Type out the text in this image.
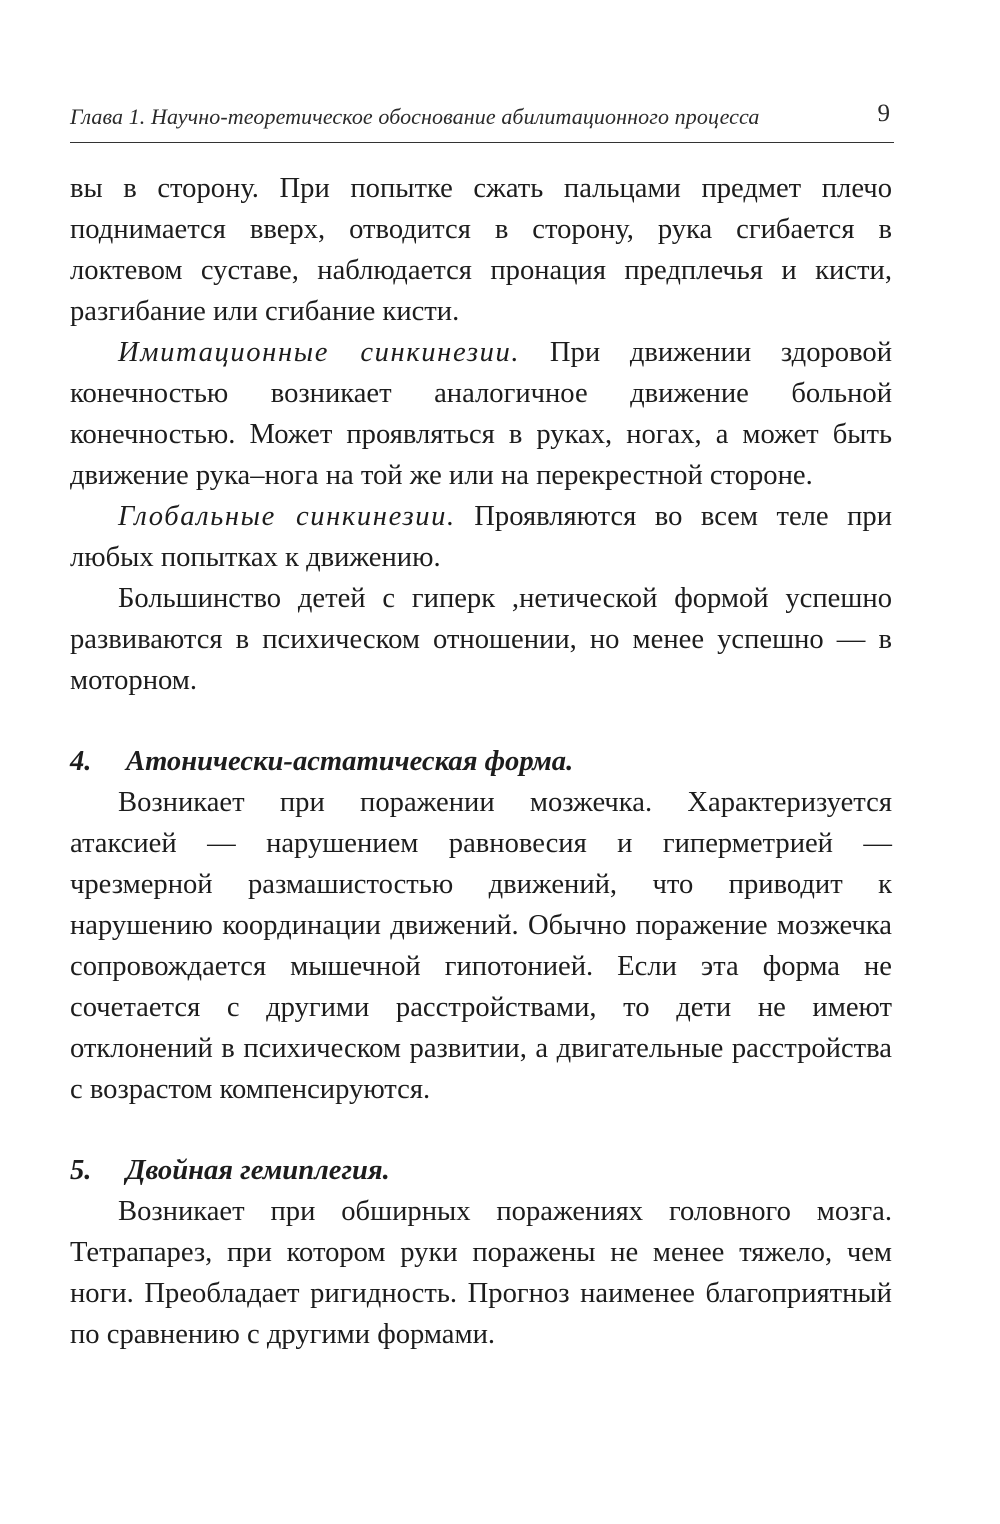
Глава 1. Научно-теоретическое обоснование абилитационного процесса	9

вы в сторону. При попытке сжать пальцами предмет плечо поднимается вверх, отводится в сторону, рука сгибается в локтевом суставе, наблюдается пронация предплечья и кисти, разгибание или сгибание кисти.

Имитационные синкинезии. При движении здоровой конечностью возникает аналогичное движение больной конечностью. Может проявляться в руках, ногах, а может быть движение рука–нога на той же или на перекрестной стороне.

Глобальные синкинезии. Проявляются во всем теле при любых попытках к движению.

Большинство детей с гиперк ,нетической формой успешно развиваются в психическом отношении, но менее успешно — в моторном.

4. Атонически-астатическая форма.

Возникает при поражении мозжечка. Характеризуется атаксией — нарушением равновесия и гиперметрией — чрезмерной размашистостью движений, что приводит к нарушению координации движений. Обычно поражение мозжечка сопровождается мышечной гипотонией. Если эта форма не сочетается с другими расстройствами, то дети не имеют отклонений в психическом развитии, а двигательные расстройства с возрастом компенсируются.

5. Двойная гемиплегия.

Возникает при обширных поражениях головного мозга. Тетрапарез, при котором руки поражены не менее тяжело, чем ноги. Преобладает ригидность. Прогноз наименее благоприятный по сравнению с другими формами.
